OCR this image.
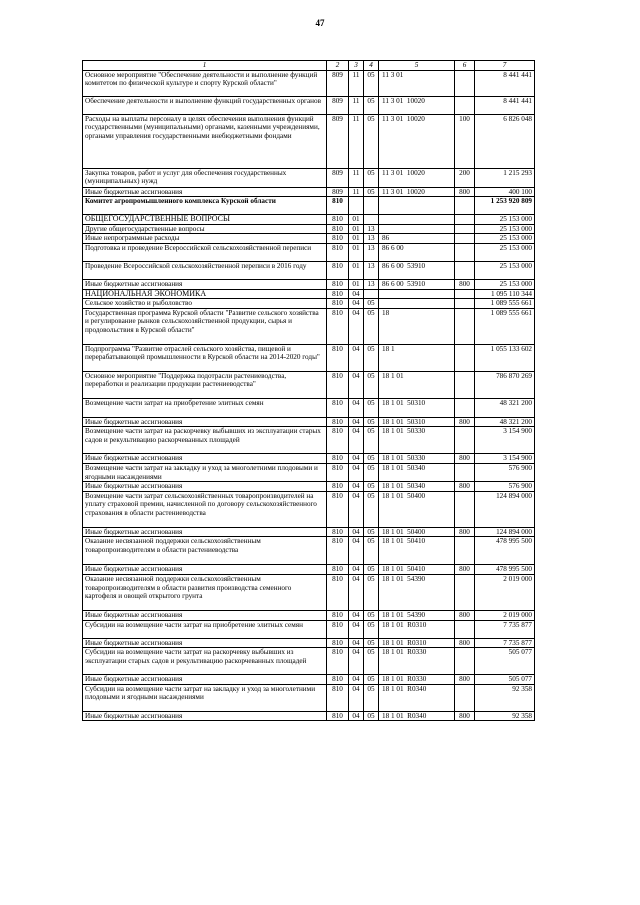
47
1	2	3	4	5	6	7
Основное мероприятие "Обеспечение деятельности и выполнение функций комитетом по физической культуре и спорту Курской области"	809	11	05	11 3 01		8 441 441
Обеспечение деятельности и выполнение функций государственных органов	809	11	05	11 3 01  10020		8 441 441
Расходы на выплаты персоналу в целях обеспечения выполнения функций государственными (муниципальными) органами, казенными учреждениями, органами управления государственными внебюджетными фондами	809	11	05	11 3 01  10020	100	6 826 048
Закупка товаров, работ и услуг для обеспечения государственных (муниципальных) нужд	809	11	05	11 3 01  10020	200	1 215 293
Иные бюджетные ассигнования	809	11	05	11 3 01  10020	800	400 100
Комитет агропромышленного комплекса Курской области	810					1 253 920 809
ОБЩЕГОСУДАРСТВЕННЫЕ ВОПРОСЫ	810	01				25 153 000
Другие общегосударственные вопросы	810	01	13			25 153 000
Иные непрограммные расходы	810	01	13	86		25 153 000
Подготовка и проведение Всероссийской сельскохозяйственной переписи	810	01	13	86 6 00		25 153 000
Проведение Всероссийской сельскохозяйственной переписи в 2016 году	810	01	13	86 6 00  53910		25 153 000
Иные бюджетные ассигнования	810	01	13	86 6 00  53910	800	25 153 000
НАЦИОНАЛЬНАЯ ЭКОНОМИКА	810	04				1 095 110 344
Сельское хозяйство и рыболовство	810	04	05			1 089 555 661
Государственная программа Курской области "Развитие сельского хозяйства и регулирование рынков сельскохозяйственной продукции, сырья и продовольствия в Курской области"	810	04	05	18		1 089 555 661
Подпрограмма "Развитие отраслей сельского хозяйства, пищевой и перерабатывающей промышленности в Курской области на 2014-2020 годы"	810	04	05	18 1		1 055 133 602
Основное мероприятие "Поддержка подотрасли растениеводства, переработки и реализации продукции растениеводства"	810	04	05	18 1 01		786 870 269
Возмещение части затрат на приобретение элитных семян	810	04	05	18 1 01  50310		48 321 200
Иные бюджетные ассигнования	810	04	05	18 1 01  50310	800	48 321 200
Возмещение части затрат на раскорчевку выбывших из эксплуатации старых садов и рекультивацию раскорчеванных площадей	810	04	05	18 1 01  50330		3 154 900
Иные бюджетные ассигнования	810	04	05	18 1 01  50330	800	3 154 900
Возмещение части затрат на закладку и уход за многолетними плодовыми и ягодными насаждениями	810	04	05	18 1 01  50340		576 900
Иные бюджетные ассигнования	810	04	05	18 1 01  50340	800	576 900
Возмещение части затрат сельскохозяйственных товаропроизводителей на уплату страховой премии, начисленной по договору сельскохозяйственного страхования в области растениеводства	810	04	05	18 1 01  50400		124 894 000
Иные бюджетные ассигнования	810	04	05	18 1 01  50400	800	124 894 000
Оказание несвязанной поддержки сельскохозяйственным товаропроизводителям в области растениеводства	810	04	05	18 1 01  50410		478 995 500
Иные бюджетные ассигнования	810	04	05	18 1 01  50410	800	478 995 500
Оказание несвязанной поддержки сельскохозяйственным товаропроизводителям в области развития производства семенного картофеля и овощей открытого грунта	810	04	05	18 1 01  54390		2 019 000
Иные бюджетные ассигнования	810	04	05	18 1 01  54390	800	2 019 000
Субсидии на возмещение части затрат на приобретение элитных семян	810	04	05	18 1 01  R0310		7 735 877
Иные бюджетные ассигнования	810	04	05	18 1 01  R0310	800	7 735 877
Субсидии на возмещение части затрат на раскорчевку выбывших из эксплуатации старых садов и рекультивацию раскорчеванных площадей	810	04	05	18 1 01  R0330		505 077
Иные бюджетные ассигнования	810	04	05	18 1 01  R0330	800	505 077
Субсидии на возмещение части затрат на закладку и уход за многолетними плодовыми и ягодными насаждениями	810	04	05	18 1 01  R0340		92 358
Иные бюджетные ассигнования	810	04	05	18 1 01  R0340	800	92 358
